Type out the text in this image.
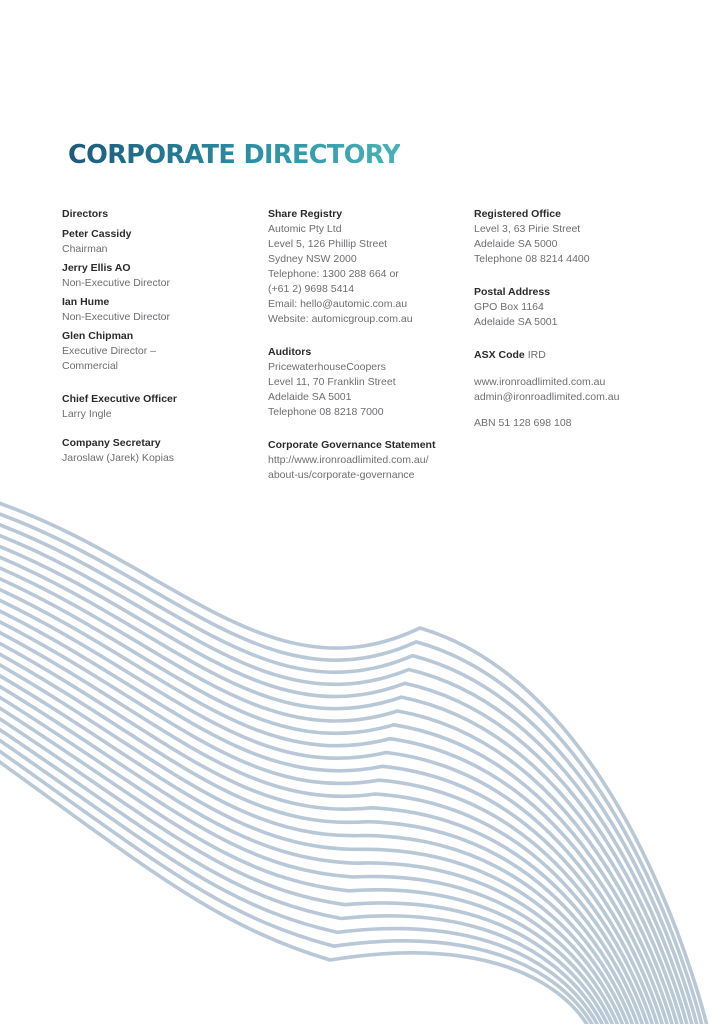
CORPORATE DIRECTORY
Directors
Peter Cassidy
Chairman
Jerry Ellis AO
Non-Executive Director
Ian Hume
Non-Executive Director
Glen Chipman
Executive Director –
Commercial
Chief Executive Officer
Larry Ingle
Company Secretary
Jaroslaw (Jarek) Kopias
Share Registry
Automic Pty Ltd
Level 5, 126 Phillip Street
Sydney NSW 2000
Telephone: 1300 288 664 or
(+61 2) 9698 5414
Email: hello@automic.com.au
Website: automicgroup.com.au
Auditors
PricewaterhouseCoopers
Level 11, 70 Franklin Street
Adelaide SA 5001
Telephone 08 8218 7000
Corporate Governance Statement
http://www.ironroadlimited.com.au/
about-us/corporate-governance
Registered Office
Level 3, 63 Pirie Street
Adelaide SA 5000
Telephone 08 8214 4400
Postal Address
GPO Box 1164
Adelaide SA 5001
ASX Code IRD
www.ironroadlimited.com.au
admin@ironroadlimited.com.au
ABN 51 128 698 108
